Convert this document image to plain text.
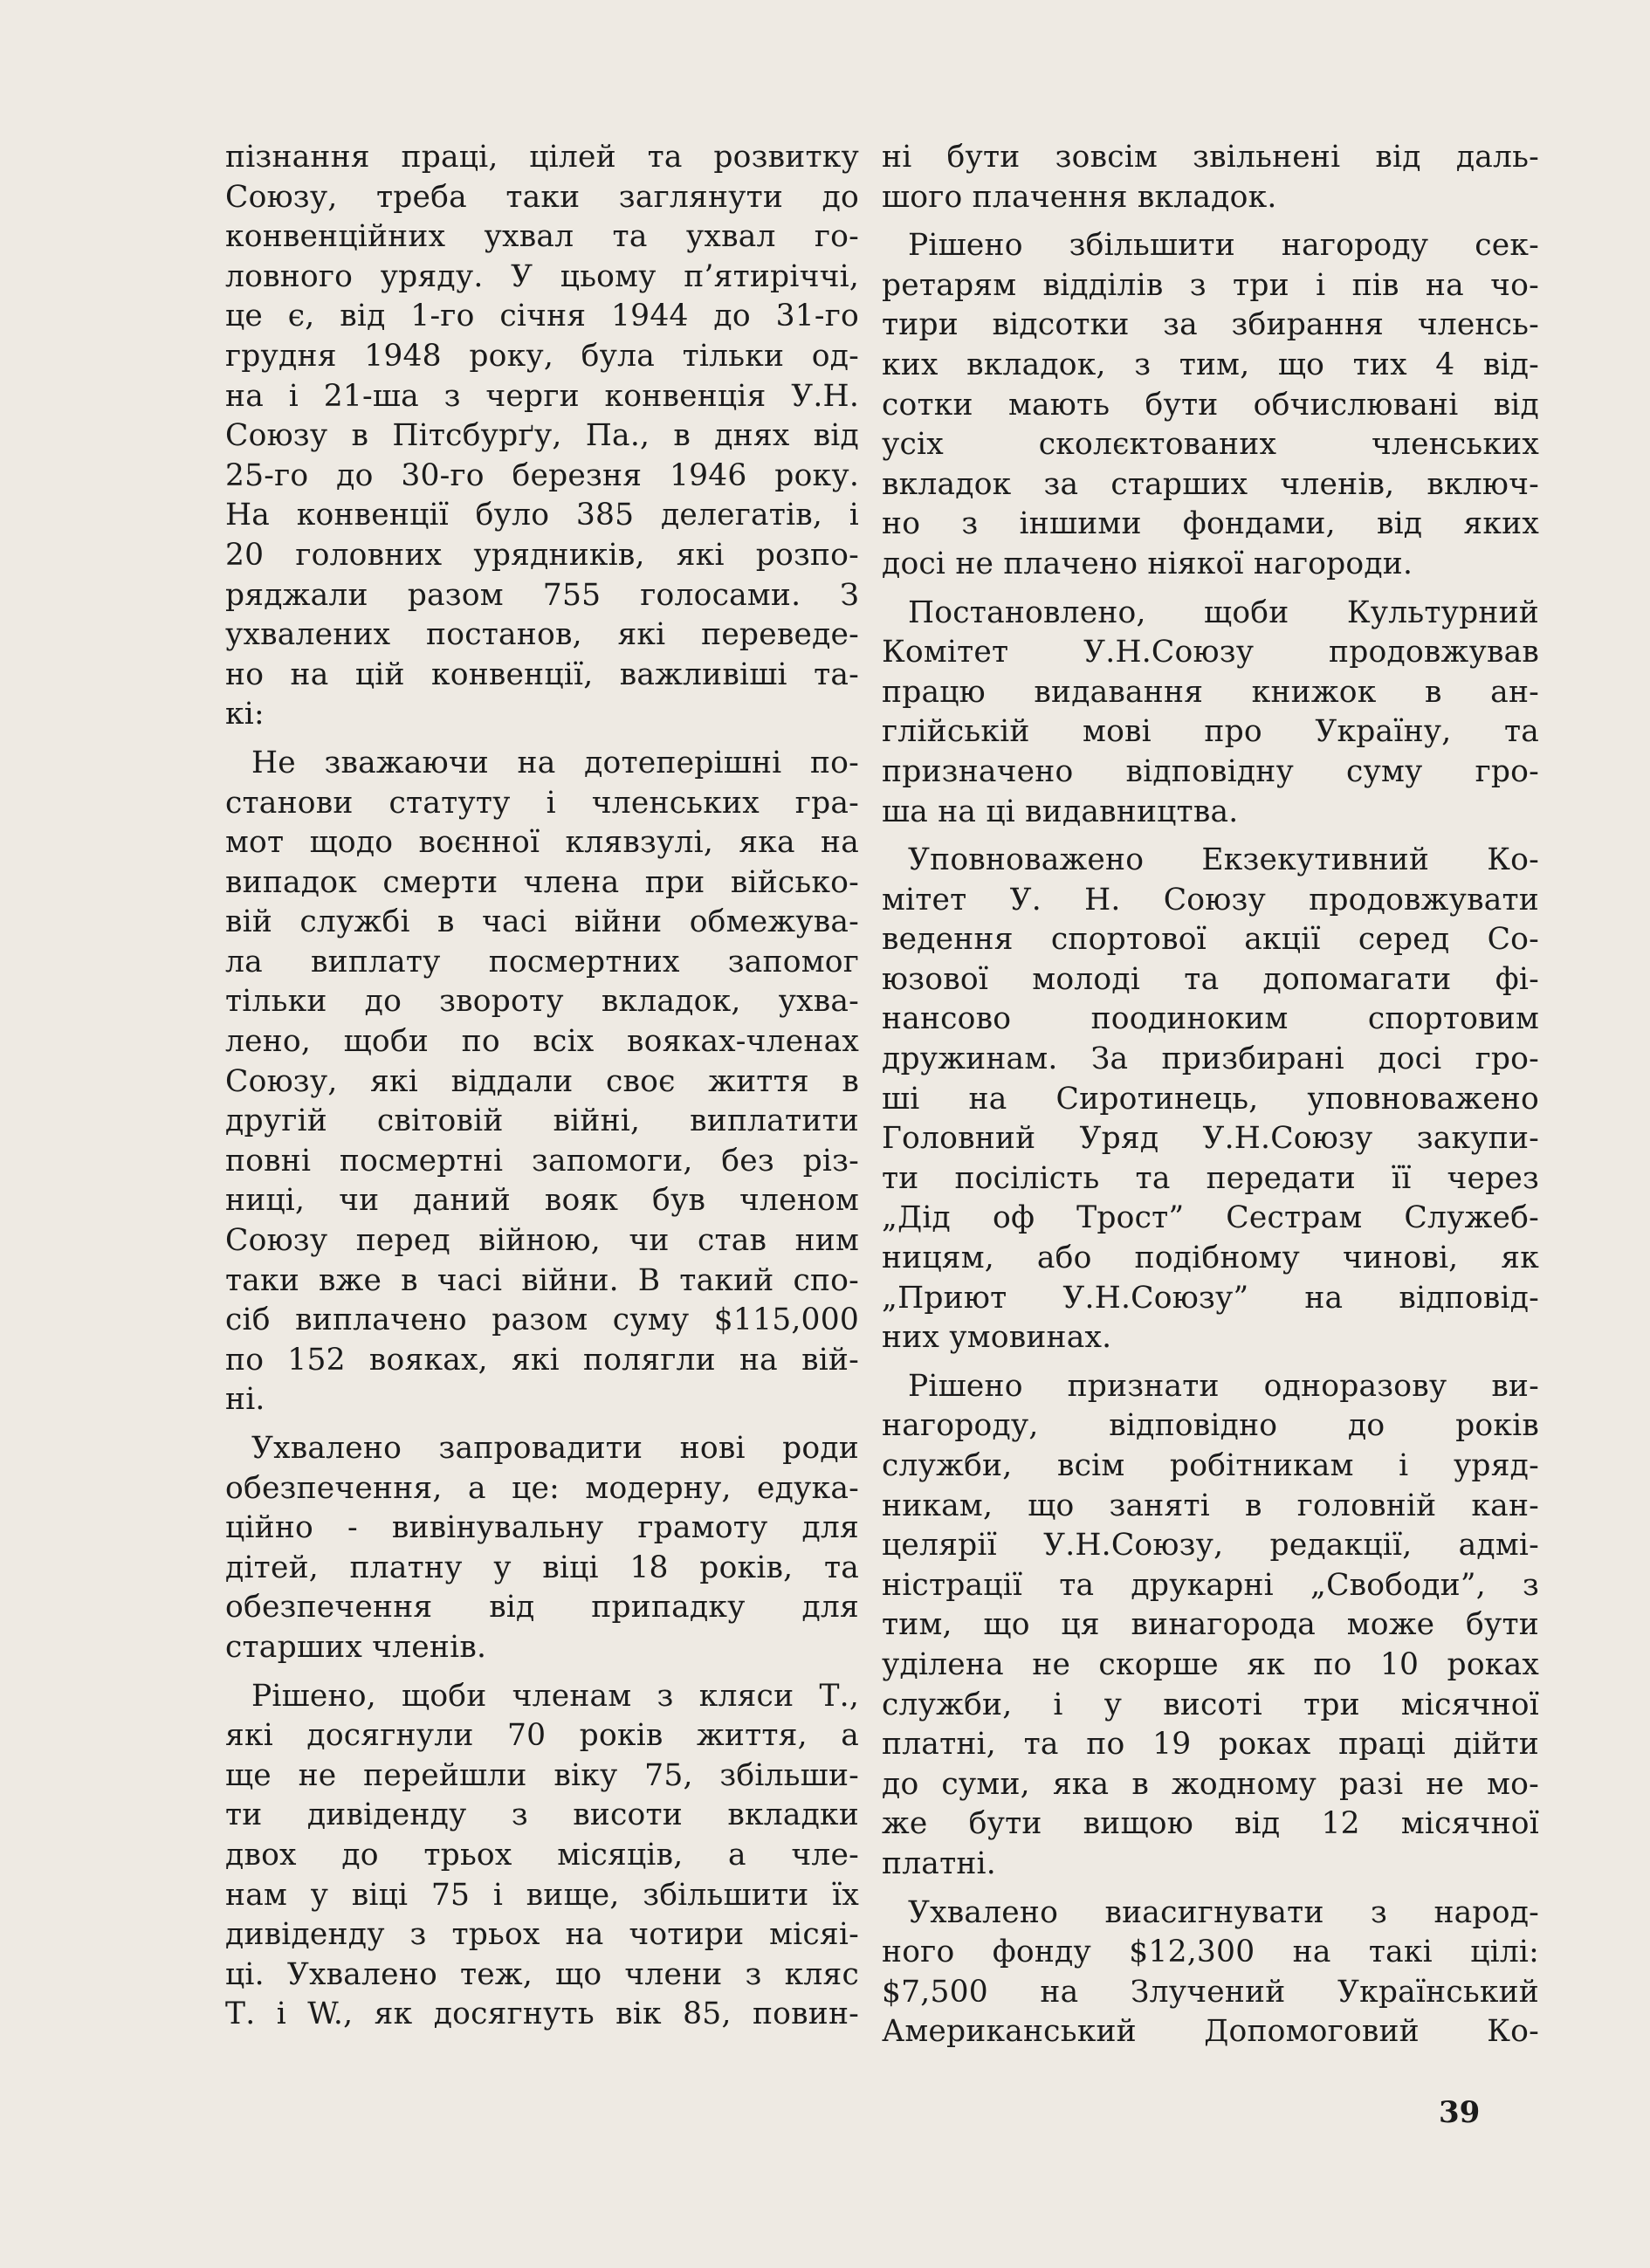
пізнання праці, цілей та розвитку
Союзу, треба таки заглянути до
конвенційних ухвал та ухвал го-
ловного уряду. У цьому п’ятиріччі,
це є, від 1-го січня 1944 до 31-го
грудня 1948 року, була тільки од-
на і 21-ша з черги конвенція У.Н.
Союзу в Пітсбурґу, Па., в днях від
25-го до 30-го березня 1946 року.
На конвенції було 385 делегатів, і
20 головних урядників, які розпо-
ряджали разом 755 голосами. З
ухвалених постанов, які переведе-
но на цій конвенції, важливіші та-
кі:
Не зважаючи на дотеперішні по-
станови статуту і членських гра-
мот щодо воєнної клявзулі, яка на
випадок смерти члена при військо-
вій службі в часі війни обмежува-
ла виплату посмертних запомог
тільки до звороту вкладок, ухва-
лено, щоби по всіх вояках-членах
Союзу, які віддали своє життя в
другій світовій війні, виплатити
повні посмертні запомоги, без різ-
ниці, чи даний вояк був членом
Союзу перед війною, чи став ним
таки вже в часі війни. В такий спо-
сіб виплачено разом суму $115,000
по 152 вояках, які полягли на вій-
ні.
Ухвалено запровадити нові роди
обезпечення, а це: модерну, едука-
ційно - вивінувальну грамоту для
дітей, платну у віці 18 років, та
обезпечення від припадку для
старших членів.
Рішено, щоби членам з кляси Т.,
які досягнули 70 років життя, а
ще не перейшли віку 75, збільши-
ти дивіденду з висоти вкладки
двох до трьох місяців, а чле-
нам у віці 75 і вище, збільшити їх
дивіденду з трьох на чотири місяі-
ці. Ухвалено теж, що члени з кляс
Т. і W., як досягнуть вік 85, повин-
ні бути зовсім звільнені від даль-
шого плачення вкладок.
Рішено збільшити нагороду сек-
ретарям відділів з три і пів на чо-
тири відсотки за збирання членсь-
ких вкладок, з тим, що тих 4 від-
сотки мають бути обчислювані від
усіх сколєктованих членських
вкладок за старших членів, включ-
но з іншими фондами, від яких
досі не плачено ніякої нагороди.
Постановлено, щоби Культурний
Комітет У.Н.Союзу продовжував
працю видавання книжок в ан-
глійській мові про Україну, та
призначено відповідну суму гро-
ша на ці видавництва.
Уповноважено Екзекутивний Ко-
мітет У. Н. Союзу продовжувати
ведення спортової акції серед Со-
юзової молоді та допомагати фі-
нансово поодиноким спортовим
дружинам. За призбирані досі гро-
ші на Сиротинець, уповноважено
Головний Уряд У.Н.Союзу закупи-
ти посілість та передати її через
„Дід оф Трост” Сестрам Служеб-
ницям, або подібному чинові, як
„Приют У.Н.Союзу” на відповід-
них умовинах.
Рішено признати одноразову ви-
нагороду, відповідно до років
служби, всім робітникам і уряд-
никам, що заняті в головній кан-
целярії У.Н.Союзу, редакції, адмі-
ністрації та друкарні „Свободи”, з
тим, що ця винагорода може бути
уділена не скорше як по 10 роках
служби, і у висоті три місячної
платні, та по 19 роках праці дійти
до суми, яка в жодному разі не мо-
же бути вищою від 12 місячної
платні.
Ухвалено виасигнувати з народ-
ного фонду $12,300 на такі цілі:
$7,500 на Злучений Український
Американський Допомоговий Ко-
39
